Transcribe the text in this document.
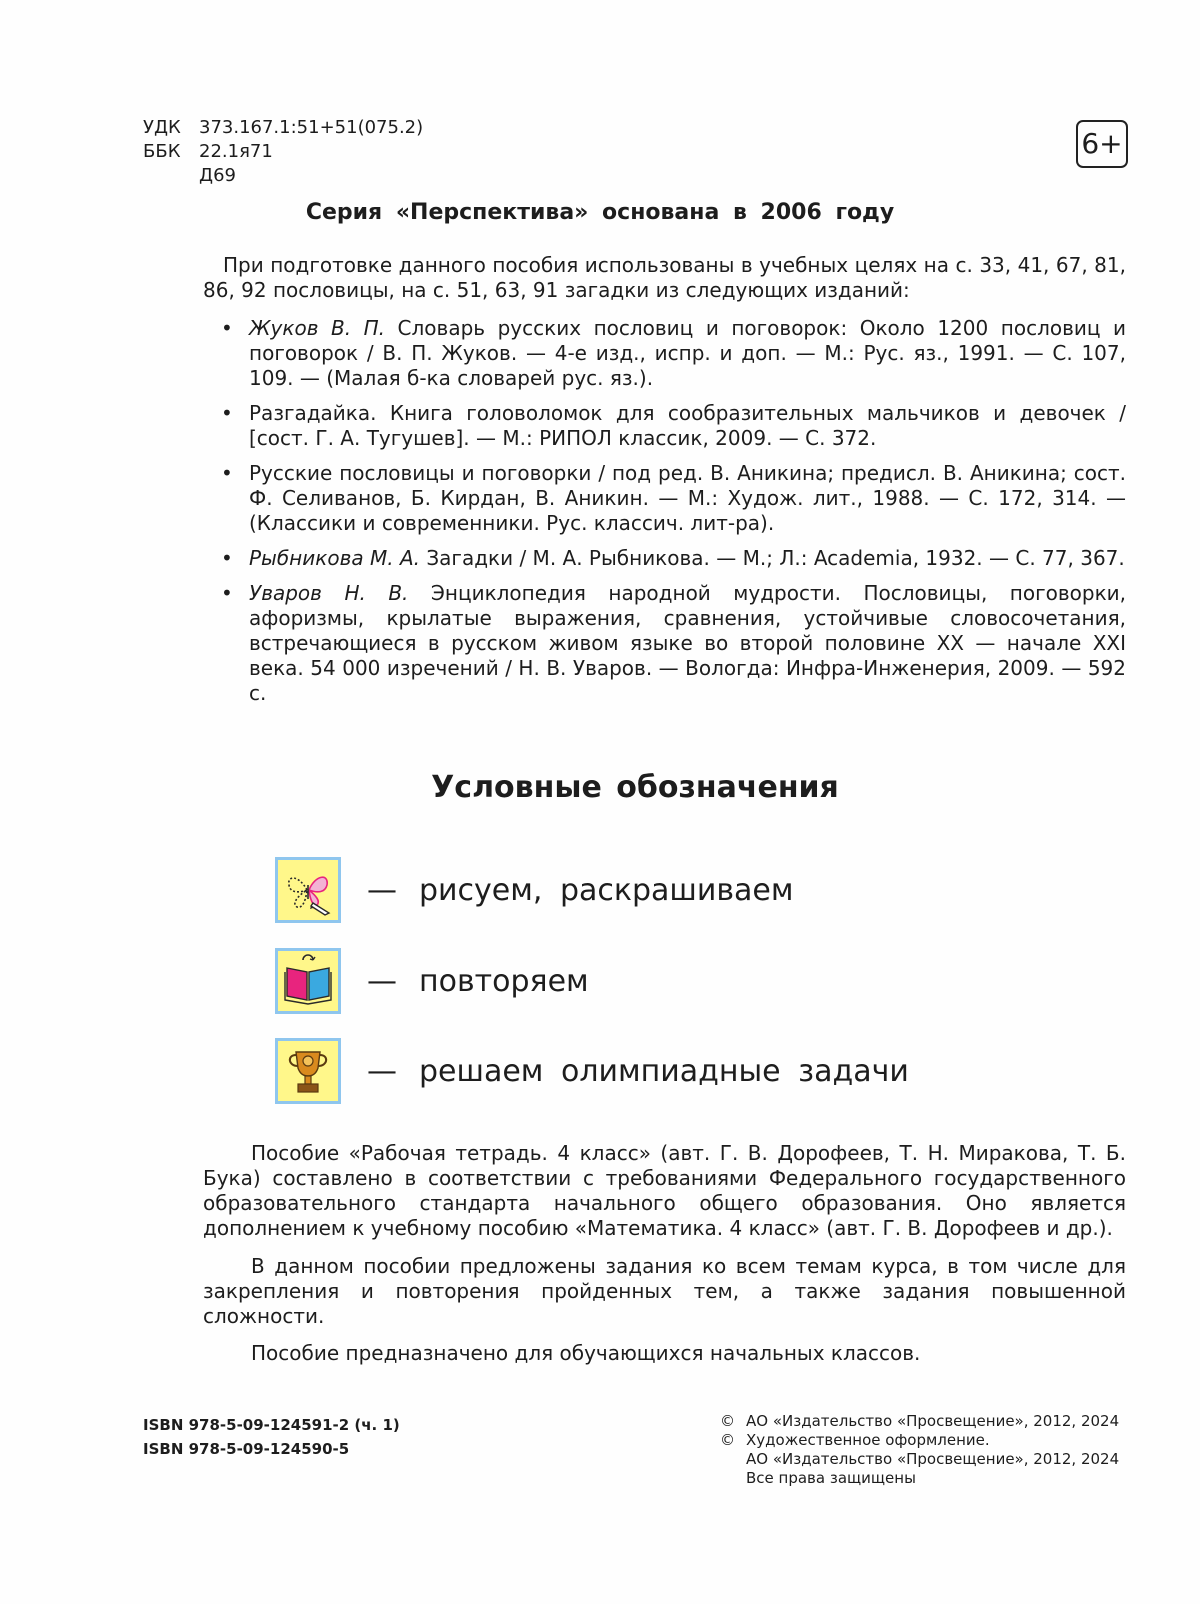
УДК 373.167.1:51+51(075.2)
ББК 22.1я71
Д69
6+
Серия «Перспектива» основана в 2006 году
При подготовке данного пособия использованы в учебных целях на с. 33, 41, 67, 81, 86, 92 пословицы, на с. 51, 63, 91 загадки из следующих изданий:
• Жуков В. П. Словарь русских пословиц и поговорок: Около 1200 пословиц и поговорок / В. П. Жуков. — 4-е изд., испр. и доп. — М.: Рус. яз., 1991. — С. 107, 109. — (Малая б-ка словарей рус. яз.).
• Разгадайка. Книга головоломок для сообразительных мальчиков и девочек / [сост. Г. А. Тугушев]. — М.: РИПОЛ классик, 2009. — С. 372.
• Русские пословицы и поговорки / под ред. В. Аникина; предисл. В. Аникина; сост. Ф. Селиванов, Б. Кирдан, В. Аникин. — М.: Худож. лит., 1988. — С. 172, 314. — (Классики и современники. Рус. классич. лит-ра).
• Рыбникова М. А. Загадки / М. А. Рыбникова. — М.; Л.: Academia, 1932. — С. 77, 367.
• Уваров Н. В. Энциклопедия народной мудрости. Пословицы, поговорки, афоризмы, крылатые выражения, сравнения, устойчивые словосочетания, встречающиеся в русском живом языке во второй половине XX — начале XXI века. 54 000 изречений / Н. В. Уваров. — Вологда: Инфра-Инженерия, 2009. — 592 с.
Условные обозначения
— рисуем, раскрашиваем
— повторяем
— решаем олимпиадные задачи
Пособие «Рабочая тетрадь. 4 класс» (авт. Г. В. Дорофеев, Т. Н. Миракова, Т. Б. Бука) составлено в соответствии с требованиями Федерального государственного образовательного стандарта начального общего образования. Оно является дополнением к учебному пособию «Математика. 4 класс» (авт. Г. В. Дорофеев и др.).
В данном пособии предложены задания ко всем темам курса, в том числе для закрепления и повторения пройденных тем, а также задания повышенной сложности.
Пособие предназначено для обучающихся начальных классов.
ISBN 978-5-09-124591-2 (ч. 1)
ISBN 978-5-09-124590-5
© АО «Издательство «Просвещение», 2012, 2024
© Художественное оформление.
АО «Издательство «Просвещение», 2012, 2024
Все права защищены
